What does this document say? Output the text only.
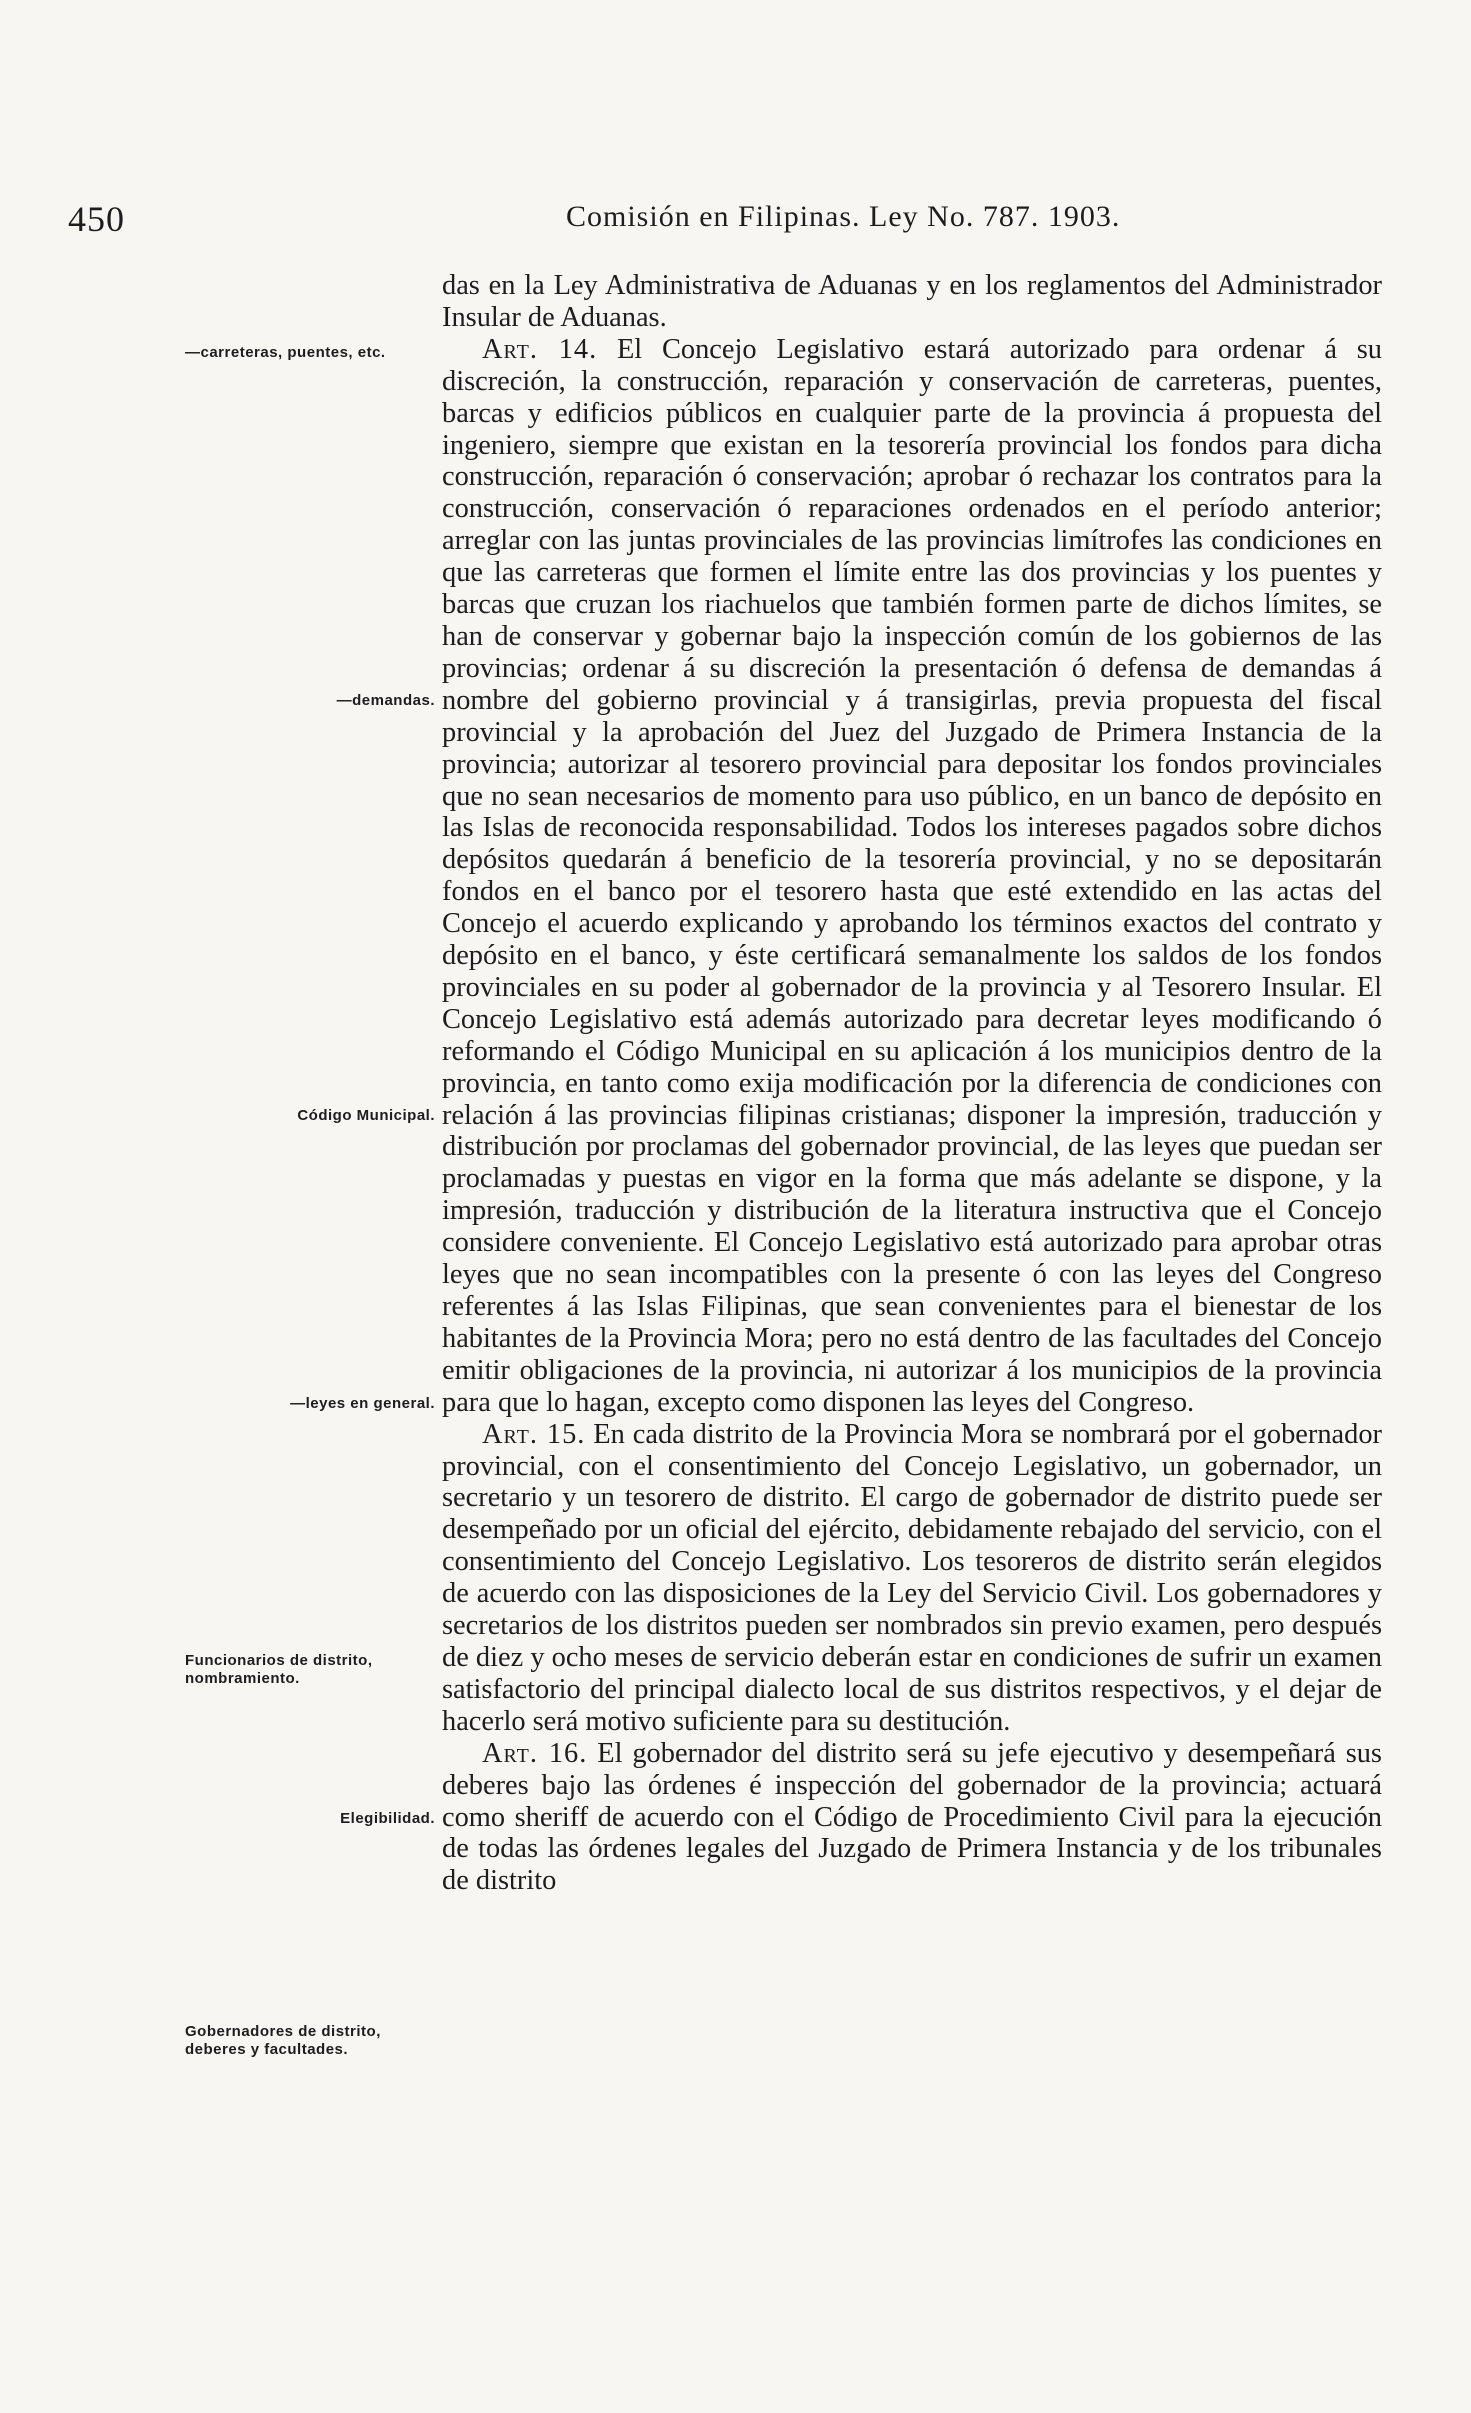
450	Comisión en Filipinas. Ley No. 787. 1903.
—carreteras, puentes, etc.
—demandas.
Código Municipal.
—leyes en general.
Funcionarios de distrito, nombramiento.
Elegibilidad.
Gobernadores de distrito, deberes y facultades.

das en la Ley Administrativa de Aduanas y en los reglamentos del Administrador Insular de Aduanas.

Art. 14. El Concejo Legislativo estará autorizado para ordenar á su discreción, la construcción, reparación y conservación de carreteras, puentes, barcas y edificios públicos en cualquier parte de la provincia á propuesta del ingeniero, siempre que existan en la tesorería provincial los fondos para dicha construcción, reparación ó conservación; aprobar ó rechazar los contratos para la construcción, conservación ó reparaciones ordenados en el período anterior; arreglar con las juntas provinciales de las provincias limítrofes las condiciones en que las carreteras que formen el límite entre las dos provincias y los puentes y barcas que cruzan los riachuelos que también formen parte de dichos límites, se han de conservar y gobernar bajo la inspección común de los gobiernos de las provincias; ordenar á su discreción la presentación ó defensa de demandas á nombre del gobierno provincial y á transigirlas, previa propuesta del fiscal provincial y la aprobación del Juez del Juzgado de Primera Instancia de la provincia; autorizar al tesorero provincial para depositar los fondos provinciales que no sean necesarios de momento para uso público, en un banco de depósito en las Islas de reconocida responsabilidad. Todos los intereses pagados sobre dichos depósitos quedarán á beneficio de la tesorería provincial, y no se depositarán fondos en el banco por el tesorero hasta que esté extendido en las actas del Concejo el acuerdo explicando y aprobando los términos exactos del contrato y depósito en el banco, y éste certificará semanalmente los saldos de los fondos provinciales en su poder al gobernador de la provincia y al Tesorero Insular. El Concejo Legislativo está además autorizado para decretar leyes modificando ó reformando el Código Municipal en su aplicación á los municipios dentro de la provincia, en tanto como exija modificación por la diferencia de condiciones con relación á las provincias filipinas cristianas; disponer la impresión, traducción y distribución por proclamas del gobernador provincial, de las leyes que puedan ser proclamadas y puestas en vigor en la forma que más adelante se dispone, y la impresión, traducción y distribución de la literatura instructiva que el Concejo considere conveniente. El Concejo Legislativo está autorizado para aprobar otras leyes que no sean incompatibles con la presente ó con las leyes del Congreso referentes á las Islas Filipinas, que sean convenientes para el bienestar de los habitantes de la Provincia Mora; pero no está dentro de las facultades del Concejo emitir obligaciones de la provincia, ni autorizar á los municipios de la provincia para que lo hagan, excepto como disponen las leyes del Congreso.

Art. 15. En cada distrito de la Provincia Mora se nombrará por el gobernador provincial, con el consentimiento del Concejo Legislativo, un gobernador, un secretario y un tesorero de distrito. El cargo de gobernador de distrito puede ser desempeñado por un oficial del ejército, debidamente rebajado del servicio, con el consentimiento del Concejo Legislativo. Los tesoreros de distrito serán elegidos de acuerdo con las disposiciones de la Ley del Servicio Civil. Los gobernadores y secretarios de los distritos pueden ser nombrados sin previo examen, pero después de diez y ocho meses de servicio deberán estar en condiciones de sufrir un examen satisfactorio del principal dialecto local de sus distritos respectivos, y el dejar de hacerlo será motivo suficiente para su destitución.

Art. 16. El gobernador del distrito será su jefe ejecutivo y desempeñará sus deberes bajo las órdenes é inspección del gobernador de la provincia; actuará como sheriff de acuerdo con el Código de Procedimiento Civil para la ejecución de todas las órdenes legales del Juzgado de Primera Instancia y de los tribunales de distrito
